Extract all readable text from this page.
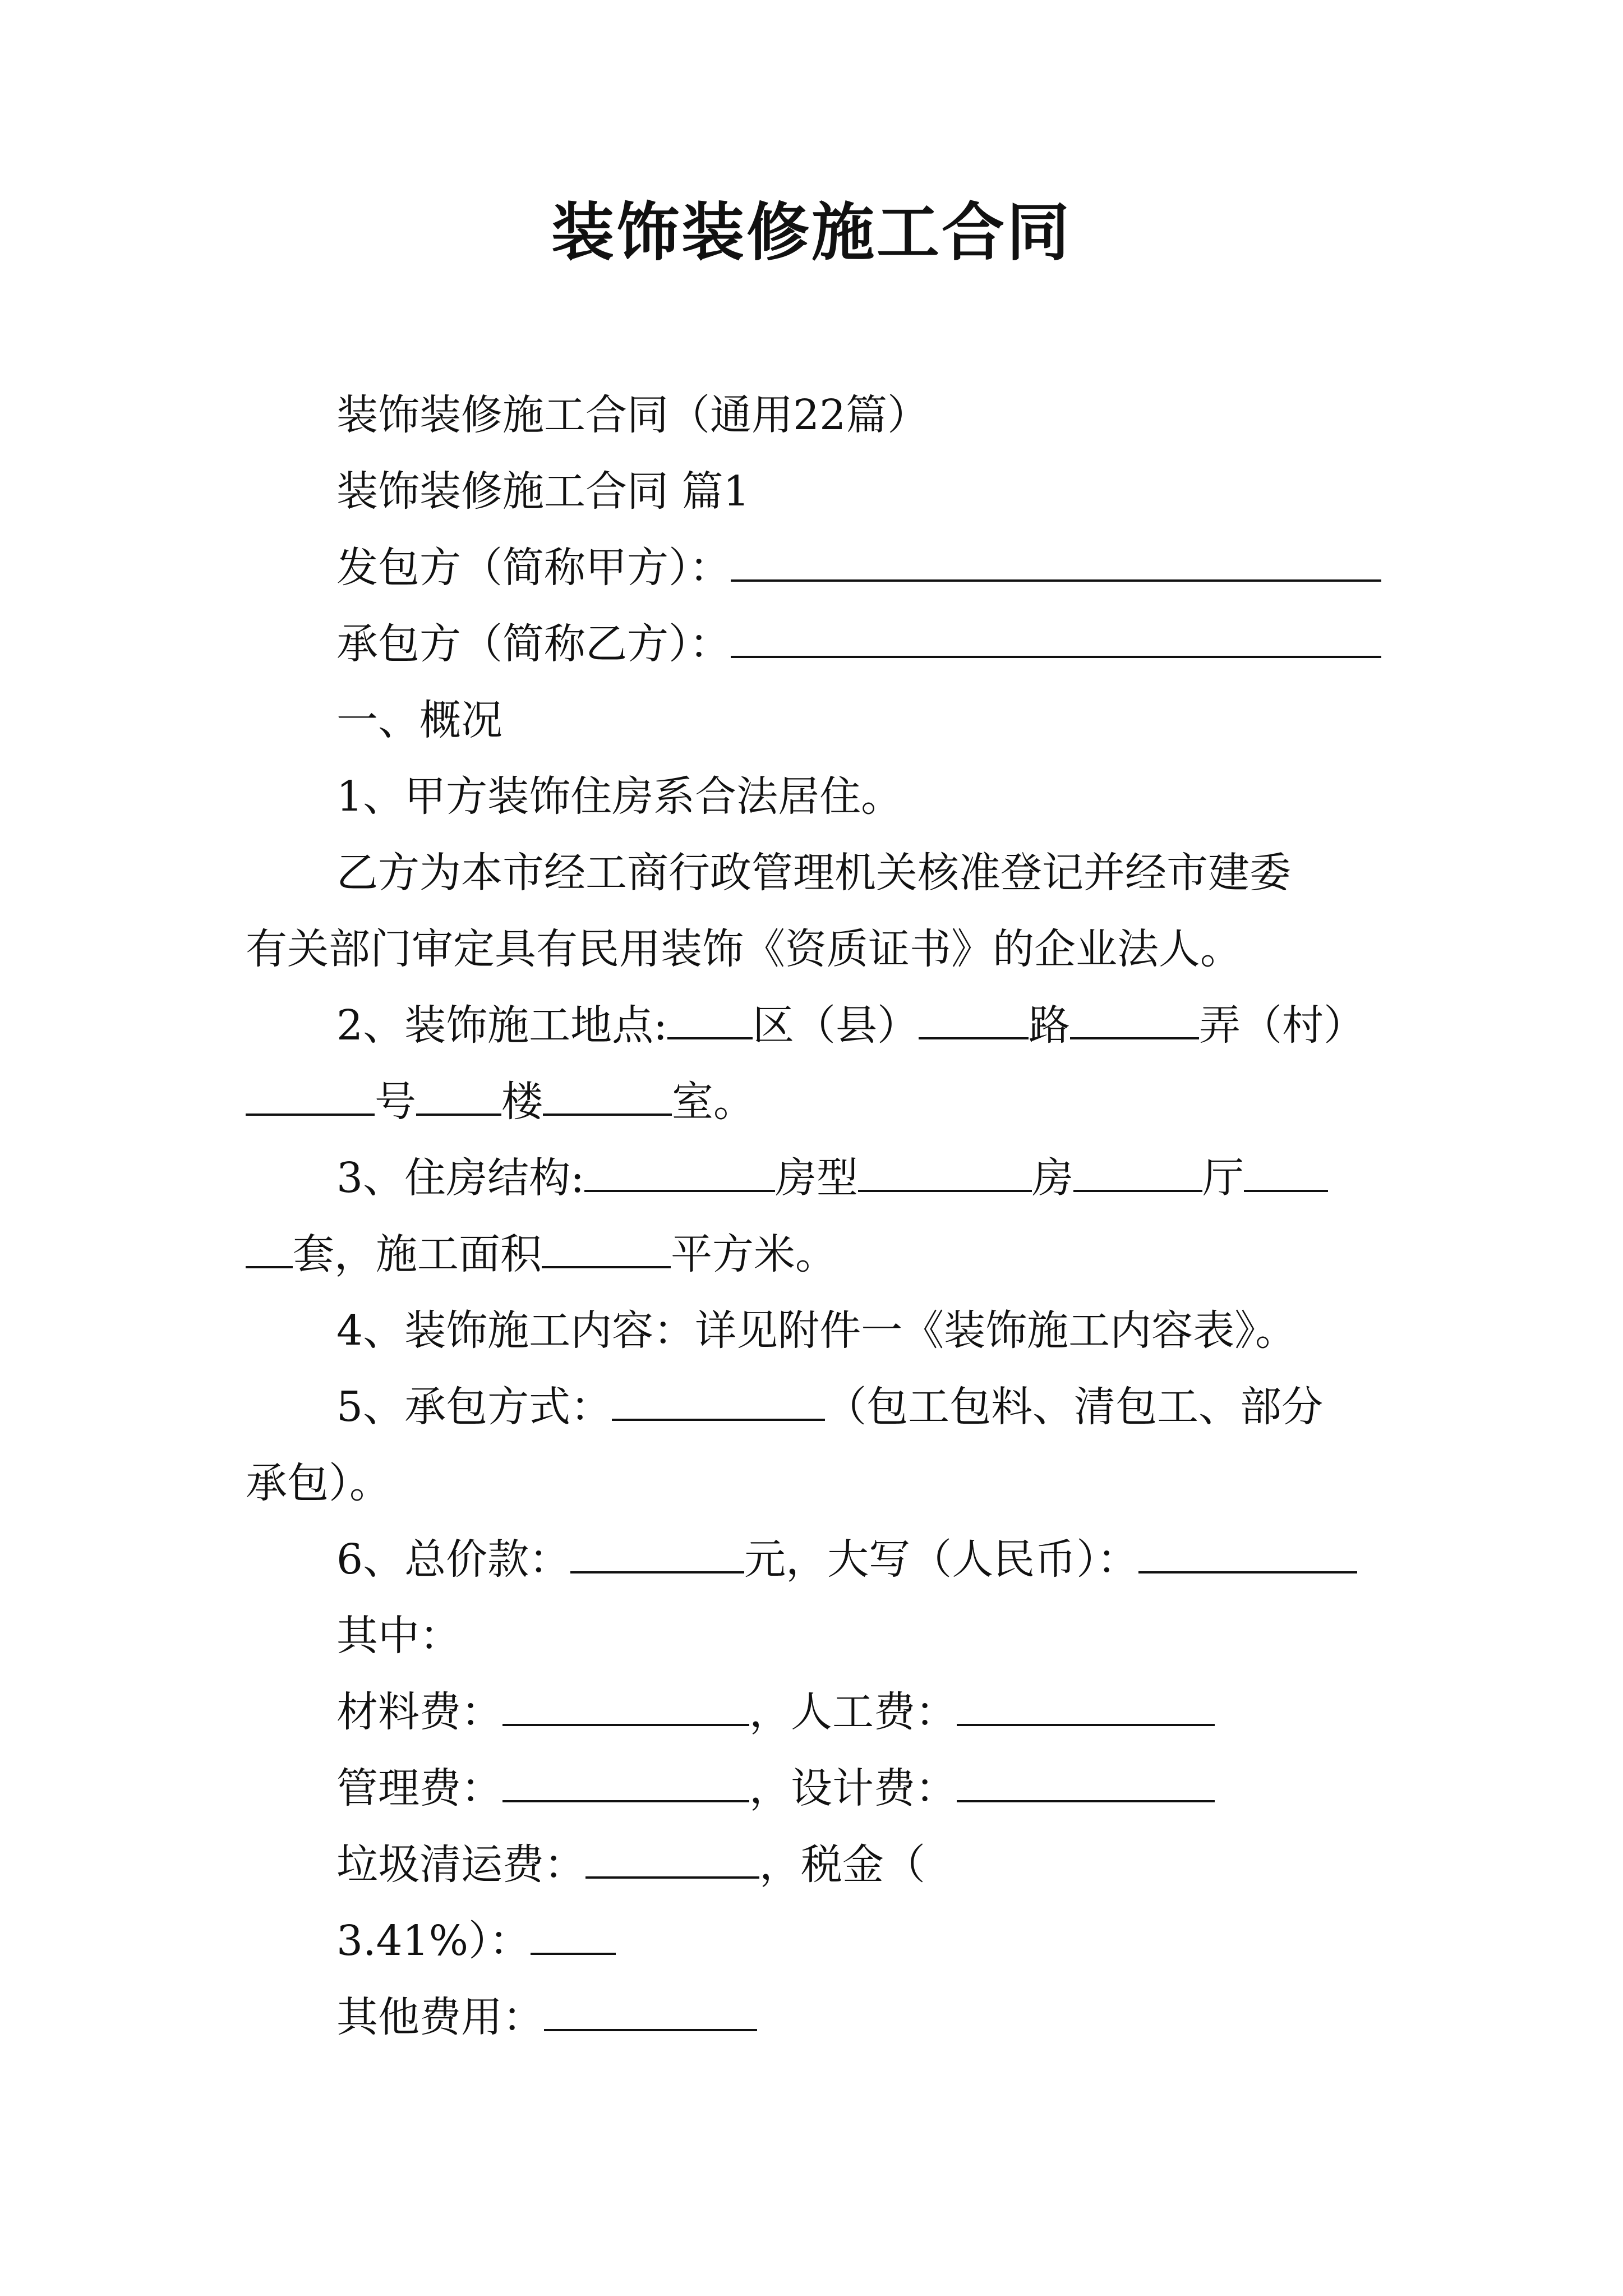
装饰装修施工合同
装饰装修施工合同（通用22篇）
装饰装修施工合同 篇1
发包方（简称甲方）：
承包方（简称乙方）：
一、概况
1、甲方装饰住房系合法居住。
乙方为本市经工商行政管理机关核准登记并经市建委
有关部门审定具有民用装饰《资质证书》的企业法人。
2、装饰施工地点: 区（县）	路	弄（村）
号 楼	室。
3、住房结构:	房型	房	厅
套，施工面积	平方米。
4、装饰施工内容：详见附件一《装饰施工内容表》。
5、承包方式：	（包工包料、清包工、部分
承包）。
6、总价款：	元，大写（人民币）：
其中：
材料费：	，人工费：
管理费：	，设计费：
垃圾清运费：	，税金（
3.41%）：
其他费用：
